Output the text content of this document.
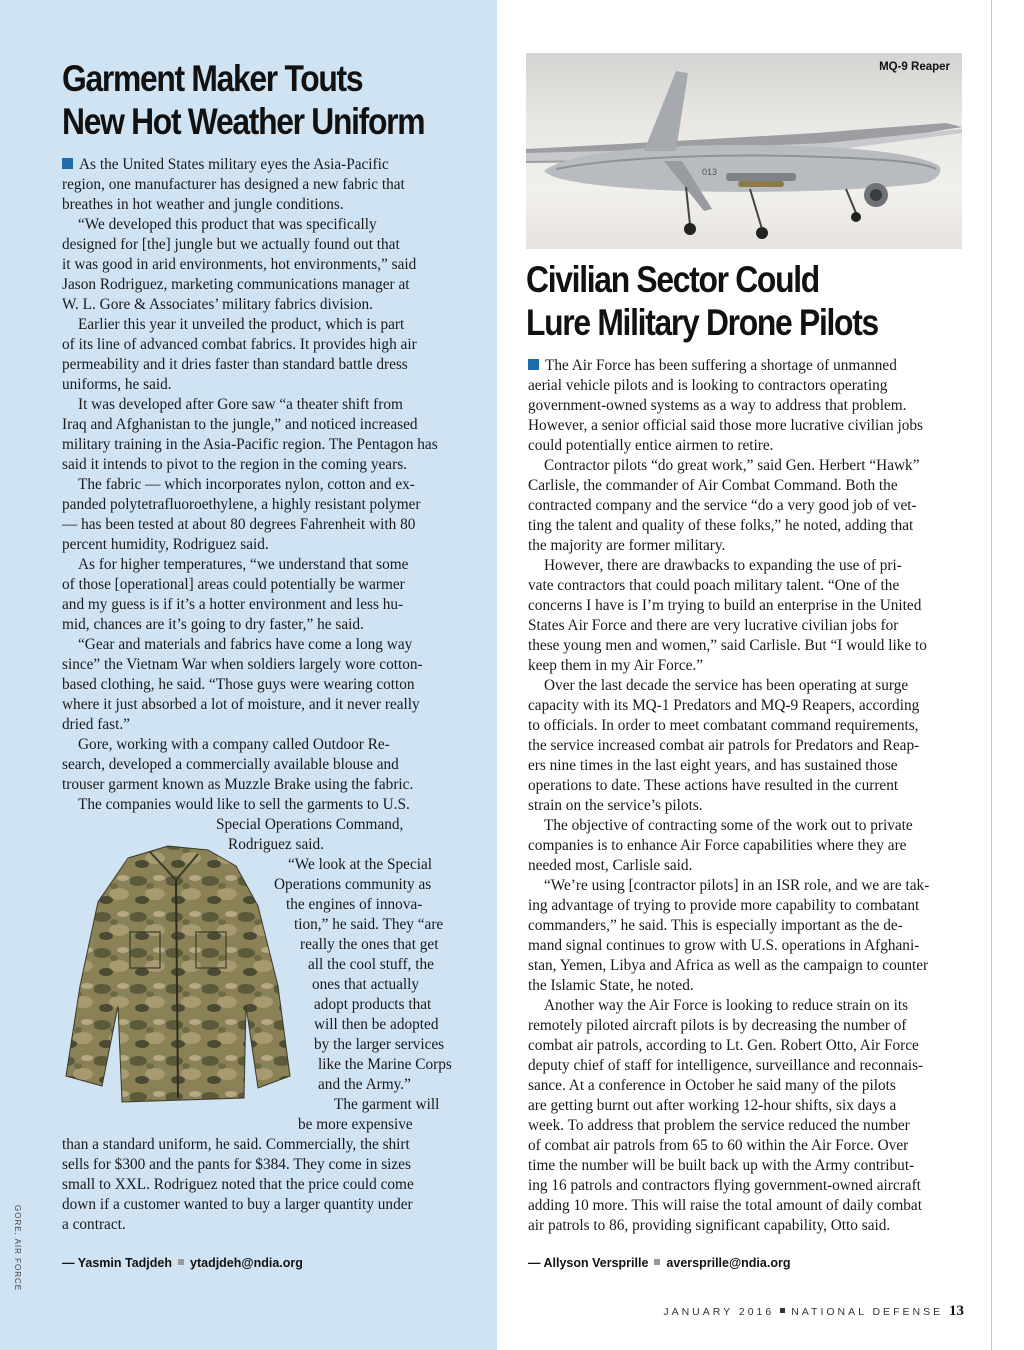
Garment Maker Touts
New Hot Weather Uniform
As the United States military eyes the Asia-Pacific
region, one manufacturer has designed a new fabric that
breathes in hot weather and jungle conditions.
“We developed this product that was specifically
designed for [the] jungle but we actually found out that
it was good in arid environments, hot environments,” said
Jason Rodriguez, marketing communications manager at
W. L. Gore & Associates’ military fabrics division.
Earlier this year it unveiled the product, which is part
of its line of advanced combat fabrics. It provides high air
permeability and it dries faster than standard battle dress
uniforms, he said.
It was developed after Gore saw “a theater shift from
Iraq and Afghanistan to the jungle,” and noticed increased
military training in the Asia-Pacific region. The Pentagon has
said it intends to pivot to the region in the coming years.
The fabric — which incorporates nylon, cotton and ex-
panded polytetrafluoroethylene, a highly resistant polymer
— has been tested at about 80 degrees Fahrenheit with 80
percent humidity, Rodriguez said.
As for higher temperatures, “we understand that some
of those [operational] areas could potentially be warmer
and my guess is if it’s a hotter environment and less hu-
mid, chances are it’s going to dry faster,” he said.
“Gear and materials and fabrics have come a long way
since” the Vietnam War when soldiers largely wore cotton-
based clothing, he said. “Those guys were wearing cotton
where it just absorbed a lot of moisture, and it never really
dried fast.”
Gore, working with a company called Outdoor Re-
search, developed a commercially available blouse and
trouser garment known as Muzzle Brake using the fabric.
The companies would like to sell the garments to U.S.
Special Operations Command,
Rodriguez said.
“We look at the Special
Operations community as
the engines of innova-
tion,” he said. They “are
really the ones that get
all the cool stuff, the
ones that actually
adopt products that
will then be adopted
by the larger services
like the Marine Corps
and the Army.”
The garment will
be more expensive
than a standard uniform, he said. Commercially, the shirt
sells for $300 and the pants for $384. They come in sizes
small to XXL. Rodriguez noted that the price could come
down if a customer wanted to buy a larger quantity under
a contract.
— Yasmin Tadjdeh ytadjdeh@ndia.org
GORE, AIR FORCE
013
MQ-9 Reaper
Civilian Sector Could
Lure Military Drone Pilots
The Air Force has been suffering a shortage of unmanned
aerial vehicle pilots and is looking to contractors operating
government-owned systems as a way to address that problem.
However, a senior official said those more lucrative civilian jobs
could potentially entice airmen to retire.
Contractor pilots “do great work,” said Gen. Herbert “Hawk”
Carlisle, the commander of Air Combat Command. Both the
contracted company and the service “do a very good job of vet-
ting the talent and quality of these folks,” he noted, adding that
the majority are former military.
However, there are drawbacks to expanding the use of pri-
vate contractors that could poach military talent. “One of the
concerns I have is I’m trying to build an enterprise in the United
States Air Force and there are very lucrative civilian jobs for
these young men and women,” said Carlisle. But “I would like to
keep them in my Air Force.”
Over the last decade the service has been operating at surge
capacity with its MQ-1 Predators and MQ-9 Reapers, according
to officials. In order to meet combatant command requirements,
the service increased combat air patrols for Predators and Reap-
ers nine times in the last eight years, and has sustained those
operations to date. These actions have resulted in the current
strain on the service’s pilots.
The objective of contracting some of the work out to private
companies is to enhance Air Force capabilities where they are
needed most, Carlisle said.
“We’re using [contractor pilots] in an ISR role, and we are tak-
ing advantage of trying to provide more capability to combatant
commanders,” he said. This is especially important as the de-
mand signal continues to grow with U.S. operations in Afghani-
stan, Yemen, Libya and Africa as well as the campaign to counter
the Islamic State, he noted.
Another way the Air Force is looking to reduce strain on its
remotely piloted aircraft pilots is by decreasing the number of
combat air patrols, according to Lt. Gen. Robert Otto, Air Force
deputy chief of staff for intelligence, surveillance and reconnais-
sance. At a conference in October he said many of the pilots
are getting burnt out after working 12-hour shifts, six days a
week. To address that problem the service reduced the number
of combat air patrols from 65 to 60 within the Air Force. Over
time the number will be built back up with the Army contribut-
ing 16 patrols and contractors flying government-owned aircraft
adding 10 more. This will raise the total amount of daily combat
air patrols to 86, providing significant capability, Otto said.
— Allyson Versprille aversprille@ndia.org
JANUARY 2016 NATIONAL DEFENSE 13
